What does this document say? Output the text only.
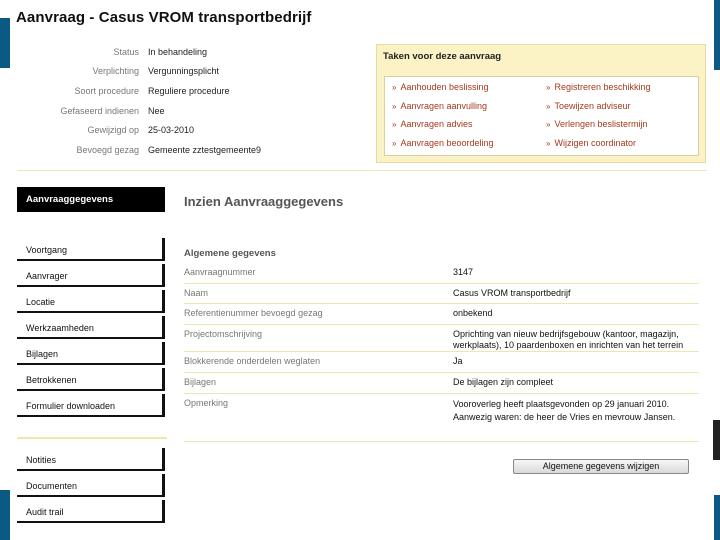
Aanvraag - Casus VROM transportbedrijf
Status	In behandeling
Verplichting	Vergunningsplicht
Soort procedure	Reguliere procedure
Gefaseerd indienen	Nee
Gewijzigd op	25-03-2010
Bevoegd gezag	Gemeente zztestgemeente9
Taken voor deze aanvraag
» Aanhouden beslissing
» Aanvragen aanvulling
» Aanvragen advies
» Aanvragen beoordeling
» Registreren beschikking
» Toewijzen adviseur
» Verlengen beslistermijn
» Wijzigen coordinator
Aanvraaggegevens
Voortgang
Aanvrager
Locatie
Werkzaamheden
Bijlagen
Betrokkenen
Formulier downloaden
Notities
Documenten
Audit trail
Inzien Aanvraaggegevens
Algemene gegevens
Aanvraagnummer	3147
Naam	Casus VROM transportbedrijf
Referentienummer bevoegd gezag	onbekend
Projectomschrijving	Oprichting van nieuw bedrijfsgebouw (kantoor, magazijn, werkplaats), 10 paardenboxen en inrichten van het terrein
Blokkerende onderdelen weglaten	Ja
Bijlagen	De bijlagen zijn compleet
Opmerking	Vooroverleg heeft plaatsgevonden op 29 januari 2010. Aanwezig waren: de heer de Vries en mevrouw Jansen.
Algemene gegevens wijzigen
